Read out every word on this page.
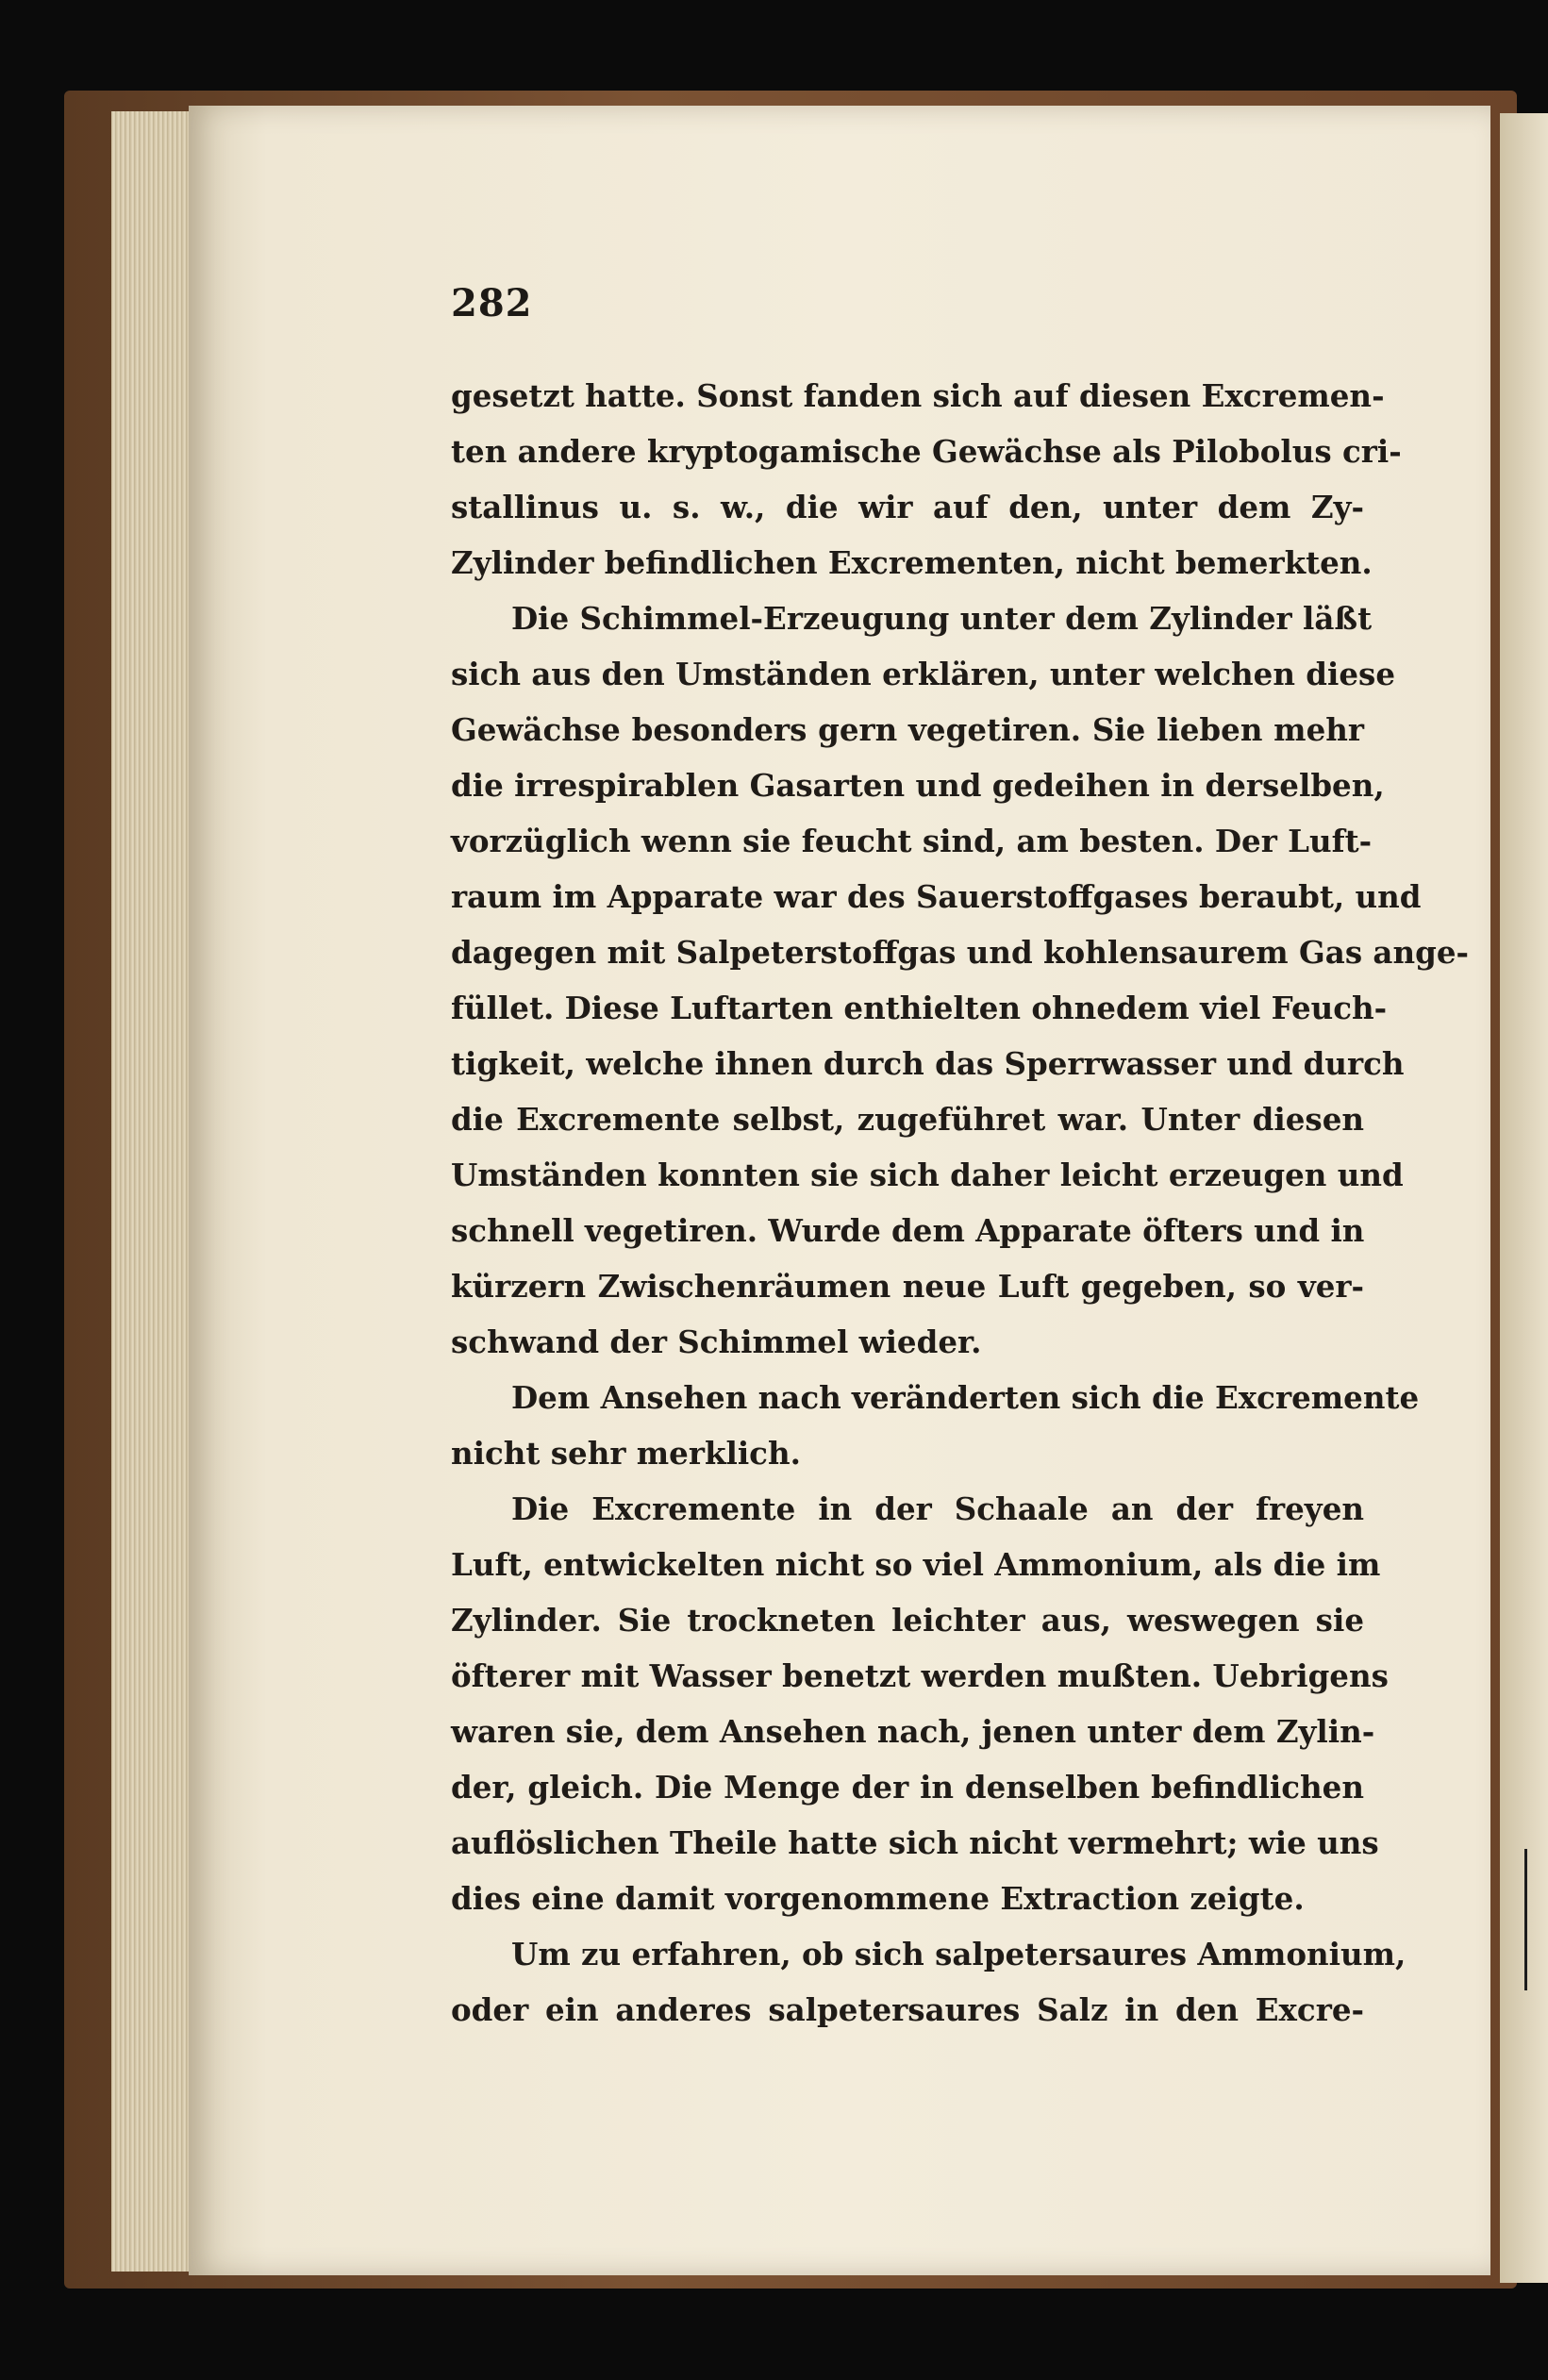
282
gesetzt hatte. Sonst fanden sich auf diesen Excremen-
ten andere kryptogamische Gewächse als Pilobolus cri-
stallinus u. s. w., die wir auf den, unter dem Zy-
Zylinder befindlichen Excrementen, nicht bemerkten.
Die Schimmel-Erzeugung unter dem Zylinder läßt
sich aus den Umständen erklären, unter welchen diese
Gewächse besonders gern vegetiren. Sie lieben mehr
die irrespirablen Gasarten und gedeihen in derselben,
vorzüglich wenn sie feucht sind, am besten. Der Luft-
raum im Apparate war des Sauerstoffgases beraubt, und
dagegen mit Salpeterstoffgas und kohlensaurem Gas ange-
füllet. Diese Luftarten enthielten ohnedem viel Feuch-
tigkeit, welche ihnen durch das Sperrwasser und durch
die Excremente selbst, zugeführet war. Unter diesen
Umständen konnten sie sich daher leicht erzeugen und
schnell vegetiren. Wurde dem Apparate öfters und in
kürzern Zwischenräumen neue Luft gegeben, so ver-
schwand der Schimmel wieder.
Dem Ansehen nach veränderten sich die Excremente
nicht sehr merklich.
Die Excremente in der Schaale an der freyen
Luft, entwickelten nicht so viel Ammonium, als die im
Zylinder. Sie trockneten leichter aus, weswegen sie
öfterer mit Wasser benetzt werden mußten. Uebrigens
waren sie, dem Ansehen nach, jenen unter dem Zylin-
der, gleich. Die Menge der in denselben befindlichen
auflöslichen Theile hatte sich nicht vermehrt; wie uns
dies eine damit vorgenommene Extraction zeigte.
Um zu erfahren, ob sich salpetersaures Ammonium,
oder ein anderes salpetersaures Salz in den Excre-
